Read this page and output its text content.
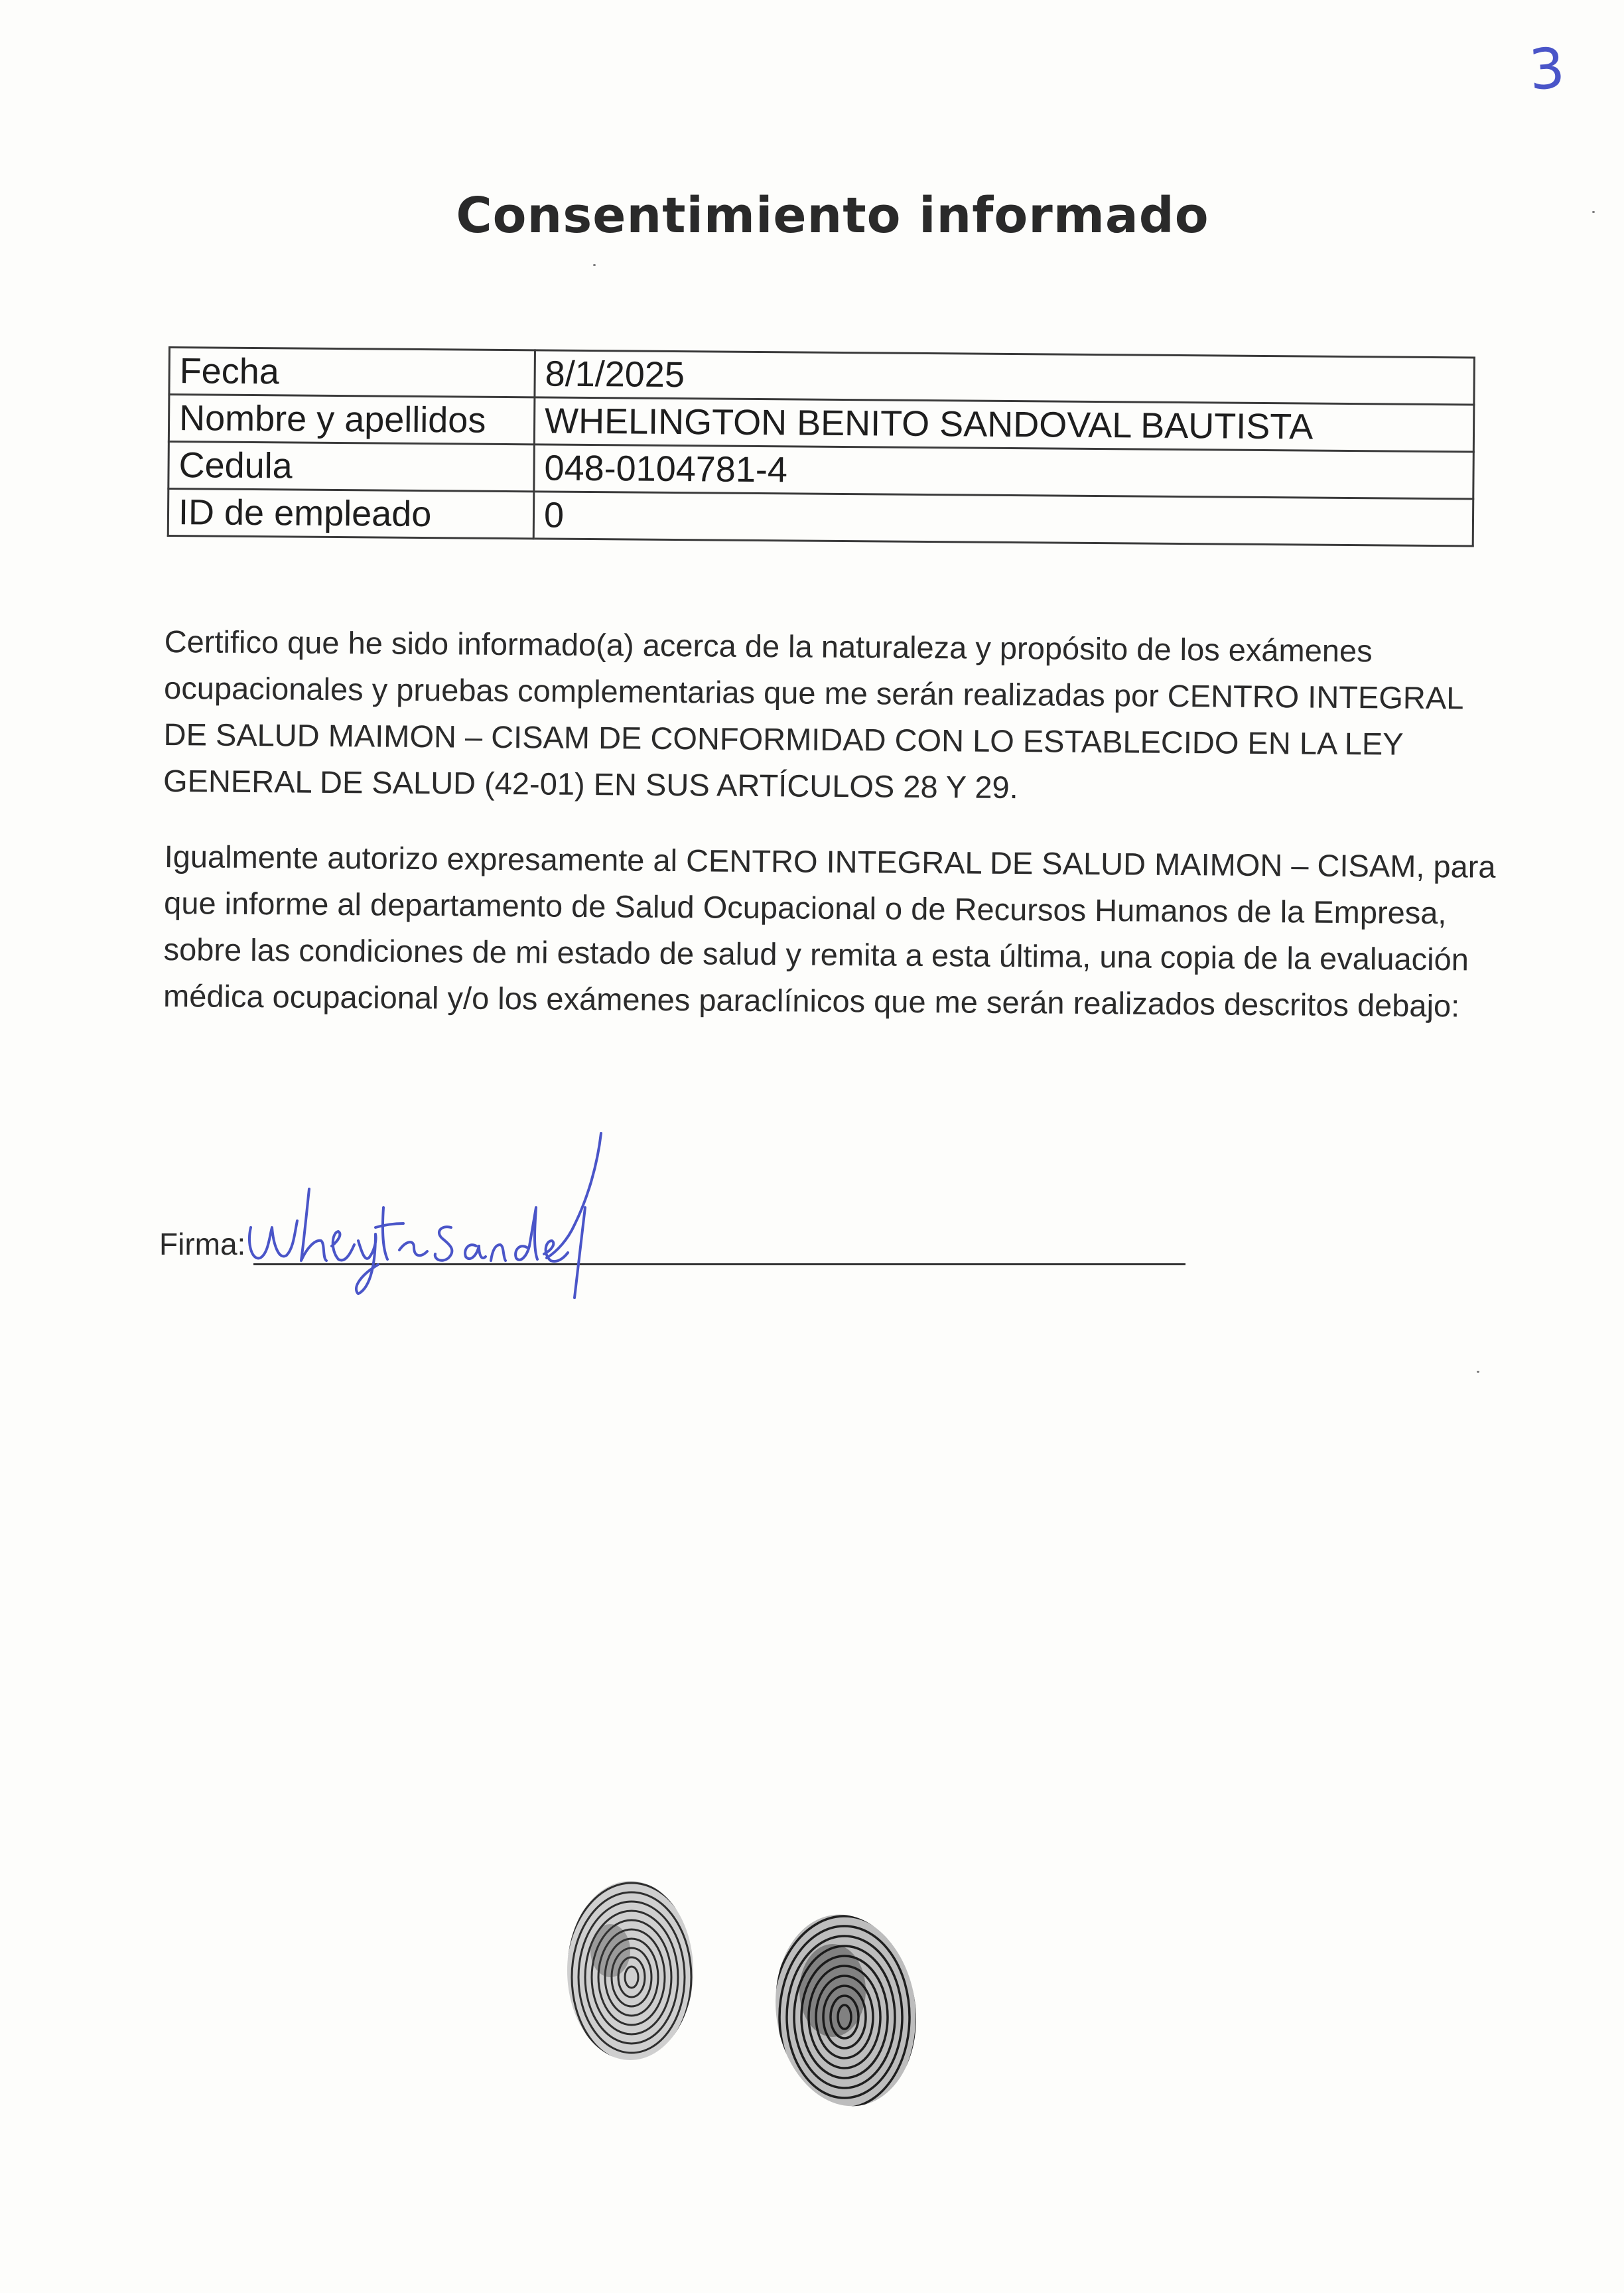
3
Consentimiento informado
Fecha	8/1/2025
Nombre y apellidos	WHELINGTON BENITO SANDOVAL BAUTISTA
Cedula	048-0104781-4
ID de empleado	0
Certifico que he sido informado(a) acerca de la naturaleza y propósito de los exámenes ocupacionales y pruebas complementarias que me serán realizadas por CENTRO INTEGRAL DE SALUD MAIMON – CISAM DE CONFORMIDAD CON LO ESTABLECIDO EN LA LEY GENERAL DE SALUD (42-01) EN SUS ARTÍCULOS 28 Y 29.
Igualmente autorizo expresamente al CENTRO INTEGRAL DE SALUD MAIMON – CISAM, para que informe al departamento de Salud Ocupacional o de Recursos Humanos de la Empresa, sobre las condiciones de mi estado de salud y remita a esta última, una copia de la evaluación médica ocupacional y/o los exámenes paraclínicos que me serán realizados descritos debajo:
Firma:
